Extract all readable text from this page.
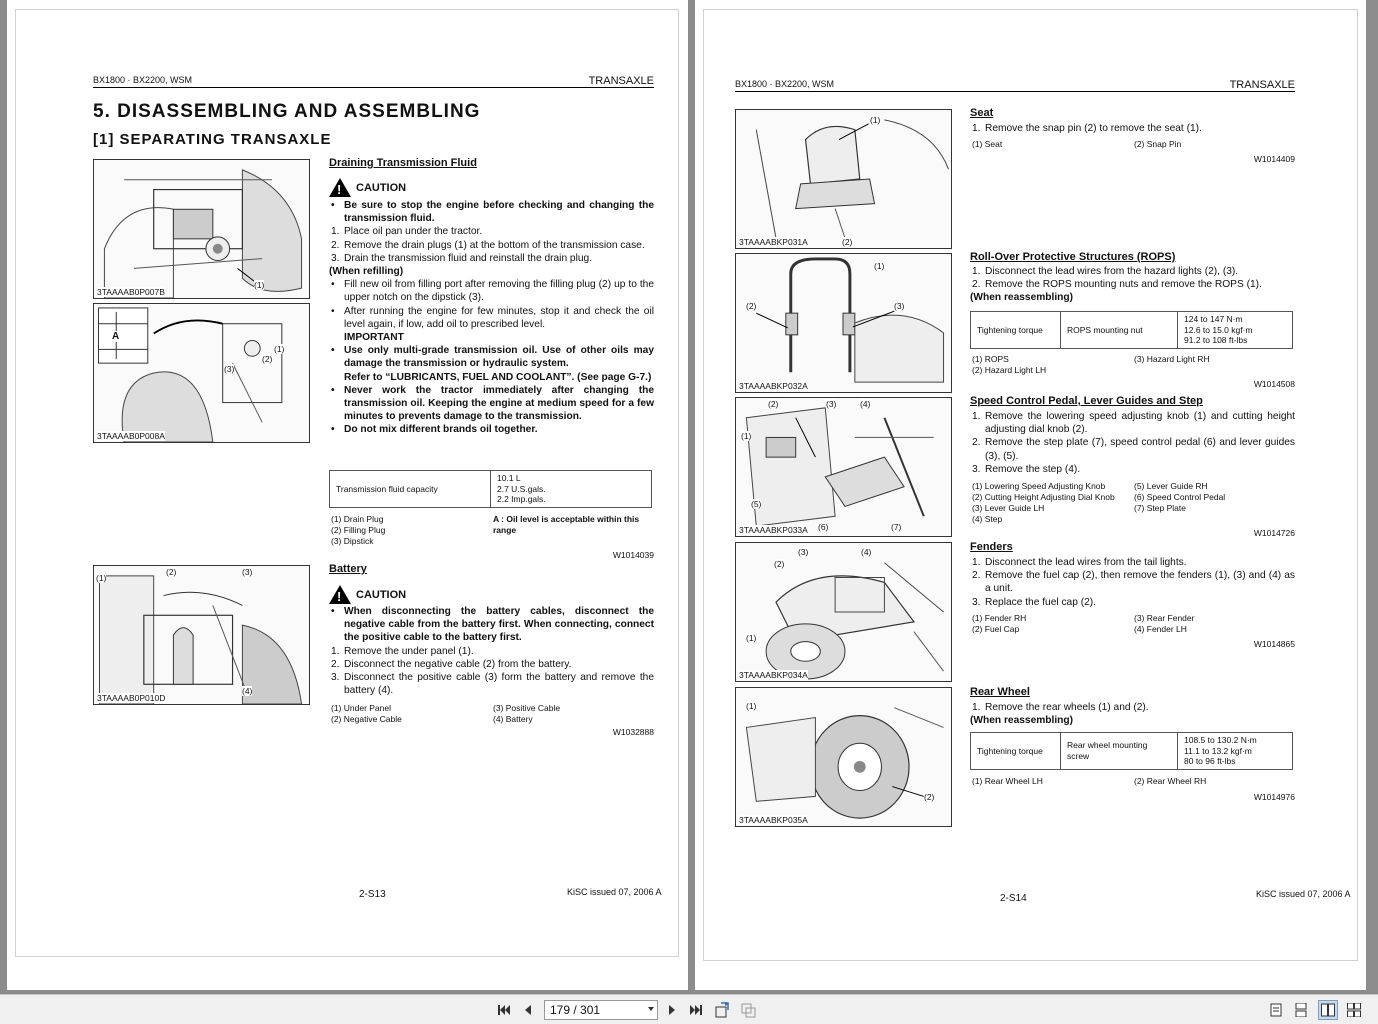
BX1800 · BX2200, WSM	TRANSAXLE
5. DISASSEMBLING AND ASSEMBLING
[1] SEPARATING TRANSAXLE
(1)
3TAAAAB0P007B
A
(1)
(2)
(3)
3TAAAAB0P008A
(1)
(2)	(3)
(4)
3TAAAAB0P010D
Draining Transmission Fluid
!
CAUTION
• Be sure to stop the engine before checking and changing the transmission fluid.
1. Place oil pan under the tractor.
2. Remove the drain plugs (1) at the bottom of the transmission case.
3. Drain the transmission fluid and reinstall the drain plug.
(When refilling)
• Fill new oil from filling port after removing the filling plug (2) up to the upper notch on the dipstick (3).
• After running the engine for few minutes, stop it and check the oil level again, if low, add oil to prescribed level.
IMPORTANT
• Use only multi-grade transmission oil. Use of other oils may damage the transmission or hydraulic system.
Refer to “LUBRICANTS, FUEL AND COOLANT”. (See page G-7.)
• Never work the tractor immediately after changing the transmission oil. Keeping the engine at medium speed for a few minutes to prevents damage to the transmission.
• Do not mix different brands oil together.
Transmission fluid capacity	
10.1 L
2.7 U.S.gals.
2.2 Imp.gals.
(1) Drain Plug
(2) Filling Plug
(3) Dipstick
A : Oil level is acceptable within this range
W1014039
Battery
!
CAUTION
• When disconnecting the battery cables, disconnect the negative cable from the battery first. When connecting, connect the positive cable to the battery first.
1. Remove the under panel (1).
2. Disconnect the negative cable (2) from the battery.
3. Disconnect the positive cable (3) form the battery and remove the battery (4).
(1) Under Panel
(2) Negative Cable
(3) Positive Cable
(4) Battery
W1032888
2-S13	KiSC issued 07, 2006 A
BX1800 · BX2200, WSM	TRANSAXLE
(1)
(2)
3TAAAABKP031A
(1)
(2)	(3)
3TAAAABKP032A
(2)	(3)	(4)
(1)
(5)
(6)	(7)
3TAAAABKP033A
(3)	(4)
(2)
(1)
3TAAAABKP034A
(1)
(2)
3TAAAABKP035A
Seat
1. Remove the snap pin (2) to remove the seat (1).
(1) Seat	(2) Snap Pin
W1014409
Roll-Over Protective Structures (ROPS)
1. Disconnect the lead wires from the hazard lights (2), (3).
2. Remove the ROPS mounting nuts and remove the ROPS (1).
(When reassembling)
Tightening torque	ROPS mounting nut	
124 to 147 N·m
12.6 to 15.0 kgf·m
91.2 to 108 ft-lbs
(1) ROPS
(2) Hazard Light LH
(3) Hazard Light RH
W1014508
Speed Control Pedal, Lever Guides and Step
1. Remove the lowering speed adjusting knob (1) and cutting height adjusting dial knob (2).
2. Remove the step plate (7), speed control pedal (6) and lever guides (3), (5).
3. Remove the step (4).
(1) Lowering Speed Adjusting Knob
(2) Cutting Height Adjusting Dial Knob
(3) Lever Guide LH
(4) Step
(5) Lever Guide RH
(6) Speed Control Pedal
(7) Step Plate
W1014726
Fenders
1. Disconnect the lead wires from the tail lights.
2. Remove the fuel cap (2), then remove the fenders (1), (3) and (4) as a unit.
3. Replace the fuel cap (2).
(1) Fender RH
(2) Fuel Cap
(3) Rear Fender
(4) Fender LH
W1014865
Rear Wheel
1. Remove the rear wheels (1) and (2).
(When reassembling)
Tightening torque	Rear wheel mounting screw	
108.5 to 130.2 N·m
11.1 to 13.2 kgf·m
80 to 96 ft-lbs
(1) Rear Wheel LH	(2) Rear Wheel RH
W1014976
2-S14	KiSC issued 07, 2006 A
179 / 301
